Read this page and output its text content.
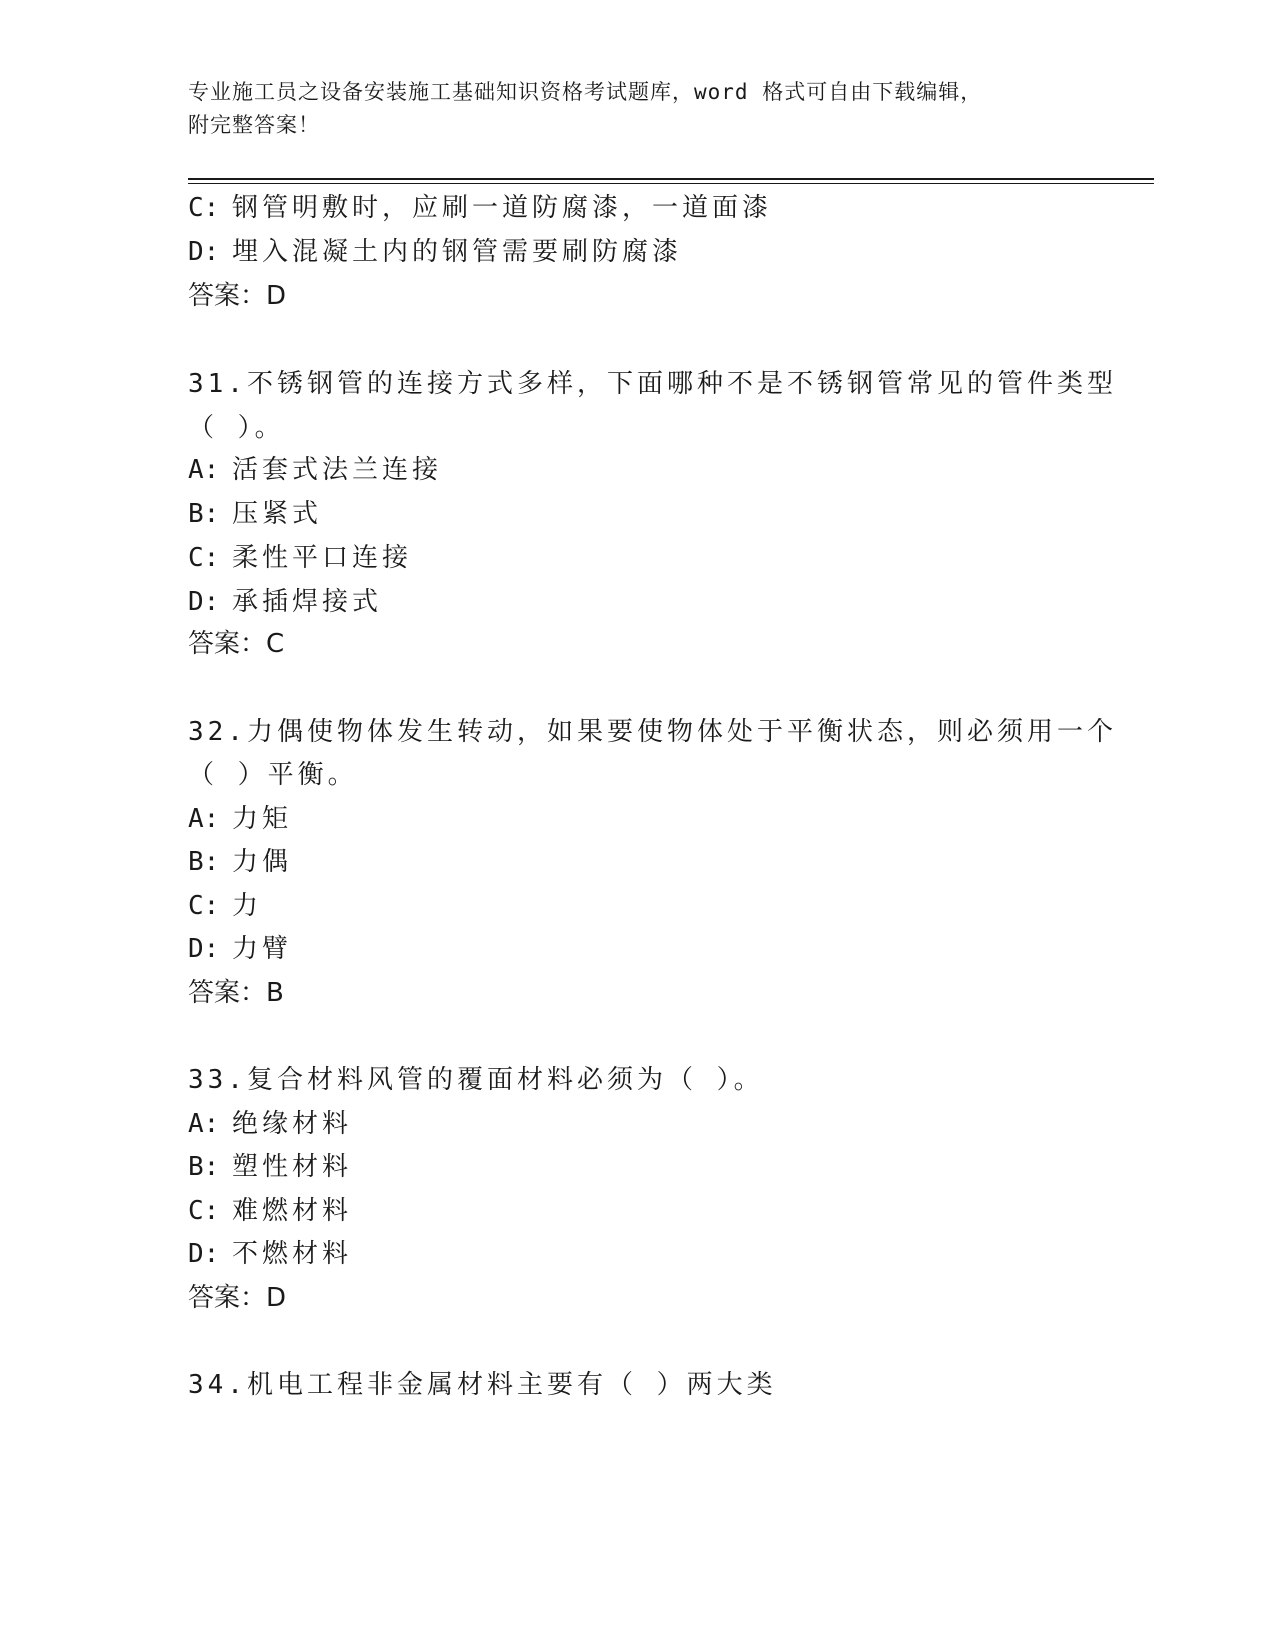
专业施工员之设备安装施工基础知识资格考试题库，word 格式可自由下载编辑，
附完整答案！
C: 钢管明敷时，应刷一道防腐漆，一道面漆
D: 埋入混凝土内的钢管需要刷防腐漆
答案：D
31.不锈钢管的连接方式多样，下面哪种不是不锈钢管常见的管件类型
（ ）。
A: 活套式法兰连接
B: 压紧式
C: 柔性平口连接
D: 承插焊接式
答案：C
32.力偶使物体发生转动，如果要使物体处于平衡状态，则必须用一个
（ ）平衡。
A: 力矩
B: 力偶
C: 力
D: 力臂
答案：B
33.复合材料风管的覆面材料必须为（ ）。
A: 绝缘材料
B: 塑性材料
C: 难燃材料
D: 不燃材料
答案：D
34.机电工程非金属材料主要有（ ）两大类
